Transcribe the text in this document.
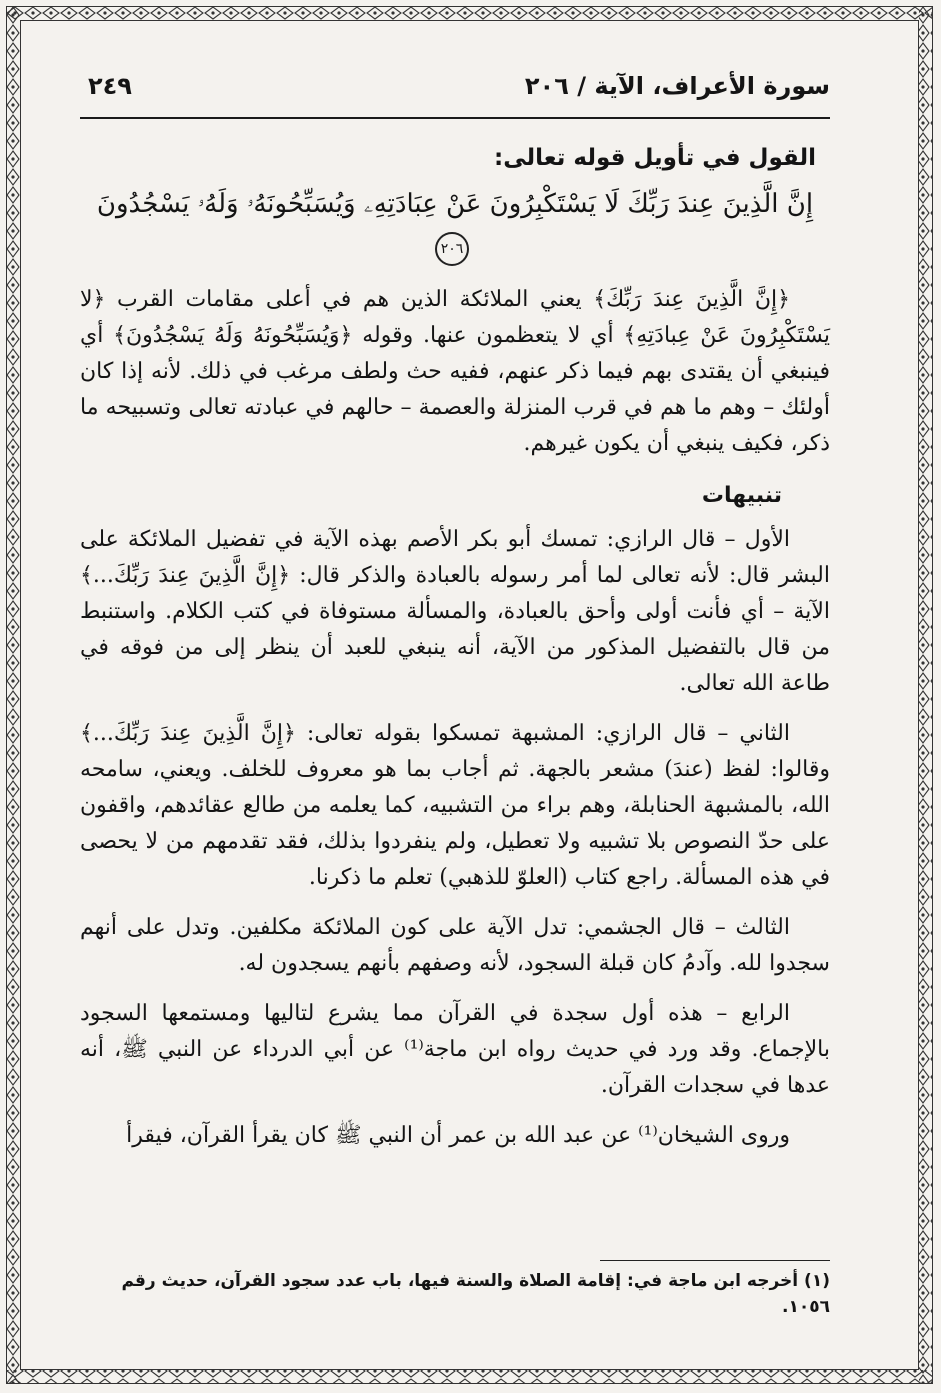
سورة الأعراف، الآية / ٢٠٦
٢٤٩
القول في تأويل قوله تعالى:
إِنَّ الَّذِينَ عِندَ رَبِّكَ لَا يَسْتَكْبِرُونَ عَنْ عِبَادَتِهِۦ وَيُسَبِّحُونَهُۥ وَلَهُۥ يَسْجُدُونَ ٢٠٦

﴿إِنَّ الَّذِينَ عِندَ رَبِّكَ﴾ يعني الملائكة الذين هم في أعلى مقامات القرب ﴿لا يَسْتَكْبِرُونَ عَنْ عِبادَتِهِ﴾ أي لا يتعظمون عنها. وقوله ﴿وَيُسَبِّحُونَهُ وَلَهُ يَسْجُدُونَ﴾ أي فينبغي أن يقتدى بهم فيما ذكر عنهم، ففيه حث ولطف مرغب في ذلك. لأنه إذا كان أولئك – وهم ما هم في قرب المنزلة والعصمة – حالهم في عبادته تعالى وتسبيحه ما ذكر، فكيف ينبغي أن يكون غيرهم.

تنبيهات

الأول – قال الرازي: تمسك أبو بكر الأصم بهذه الآية في تفضيل الملائكة على البشر قال: لأنه تعالى لما أمر رسوله بالعبادة والذكر قال: ﴿إِنَّ الَّذِينَ عِندَ رَبِّكَ...﴾ الآية – أي فأنت أولى وأحق بالعبادة، والمسألة مستوفاة في كتب الكلام. واستنبط من قال بالتفضيل المذكور من الآية، أنه ينبغي للعبد أن ينظر إلى من فوقه في طاعة الله تعالى.

الثاني – قال الرازي: المشبهة تمسكوا بقوله تعالى: ﴿إِنَّ الَّذِينَ عِندَ رَبِّكَ...﴾ وقالوا: لفظ (عندَ) مشعر بالجهة. ثم أجاب بما هو معروف للخلف. ويعني، سامحه الله، بالمشبهة الحنابلة، وهم براء من التشبيه، كما يعلمه من طالع عقائدهم، واقفون على حدّ النصوص بلا تشبيه ولا تعطيل، ولم ينفردوا بذلك، فقد تقدمهم من لا يحصى في هذه المسألة. راجع كتاب (العلوّ للذهبي) تعلم ما ذكرنا.

الثالث – قال الجشمي: تدل الآية على كون الملائكة مكلفين. وتدل على أنهم سجدوا لله. وآدمُ كان قبلة السجود، لأنه وصفهم بأنهم يسجدون له.

الرابع – هذه أول سجدة في القرآن مما يشرع لتاليها ومستمعها السجود بالإجماع. وقد ورد في حديث رواه ابن ماجة⁽¹⁾ عن أبي الدرداء عن النبي ﷺ، أنه عدها في سجدات القرآن.

وروى الشيخان⁽¹⁾ عن عبد الله بن عمر أن النبي ﷺ كان يقرأ القرآن، فيقرأ

(١) أخرجه ابن ماجة في: إقامة الصلاة والسنة فيها، باب عدد سجود القرآن، حديث رقم ١٠٥٦.
